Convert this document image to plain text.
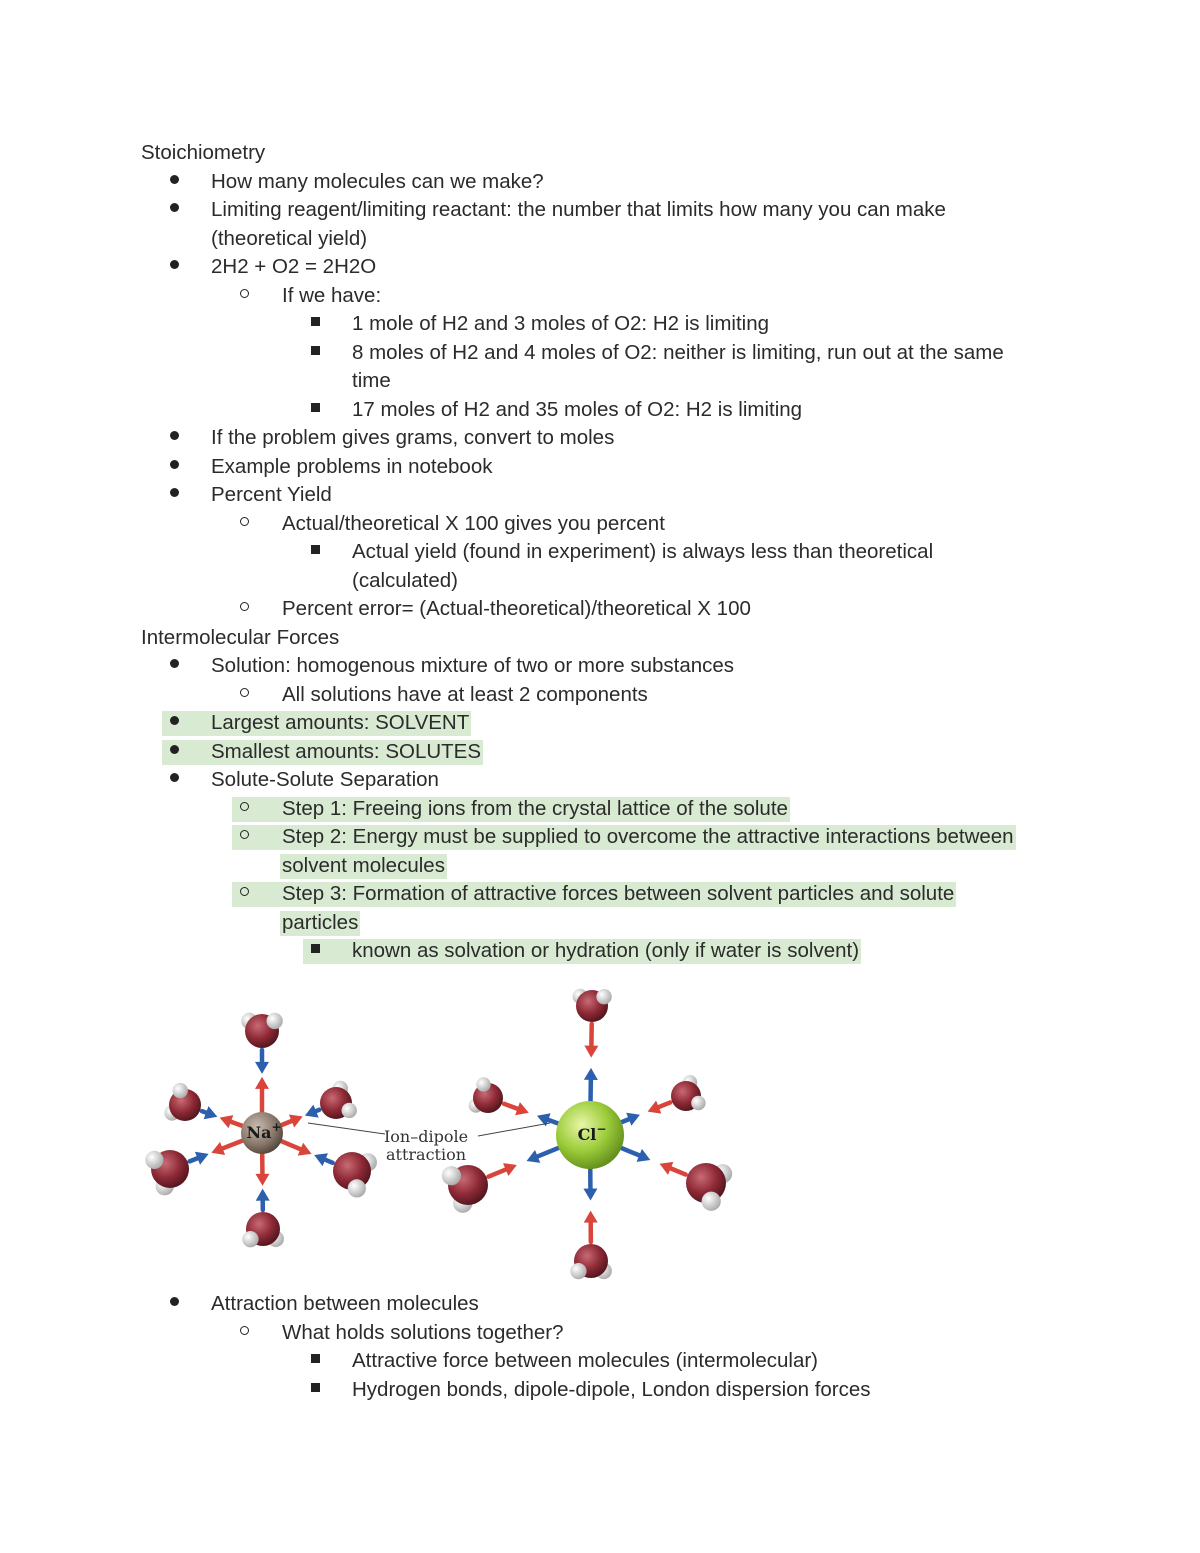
Stoichiometry
How many molecules can we make?
Limiting reagent/limiting reactant: the number that limits how many you can make
(theoretical yield)
2H2 + O2 = 2H2O
If we have:
1 mole of H2 and 3 moles of O2: H2 is limiting
8 moles of H2 and 4 moles of O2: neither is limiting, run out at the same
time
17 moles of H2 and 35 moles of O2: H2 is limiting
If the problem gives grams, convert to moles
Example problems in notebook
Percent Yield
Actual/theoretical X 100 gives you percent
Actual yield (found in experiment) is always less than theoretical
(calculated)
Percent error= (Actual-theoretical)/theoretical X 100
Intermolecular Forces
Solution: homogenous mixture of two or more substances
All solutions have at least 2 components
Largest amounts: SOLVENT
Smallest amounts: SOLUTES
Solute-Solute Separation
Step 1: Freeing ions from the crystal lattice of the solute
Step 2: Energy must be supplied to overcome the attractive interactions between
solvent molecules
Step 3: Formation of attractive forces between solvent particles and solute
particles
known as solvation or hydration (only if water is solvent)
Na+	Cl−
Ion–dipole
attraction
Attraction between molecules
What holds solutions together?
Attractive force between molecules (intermolecular)
Hydrogen bonds, dipole-dipole, London dispersion forces
